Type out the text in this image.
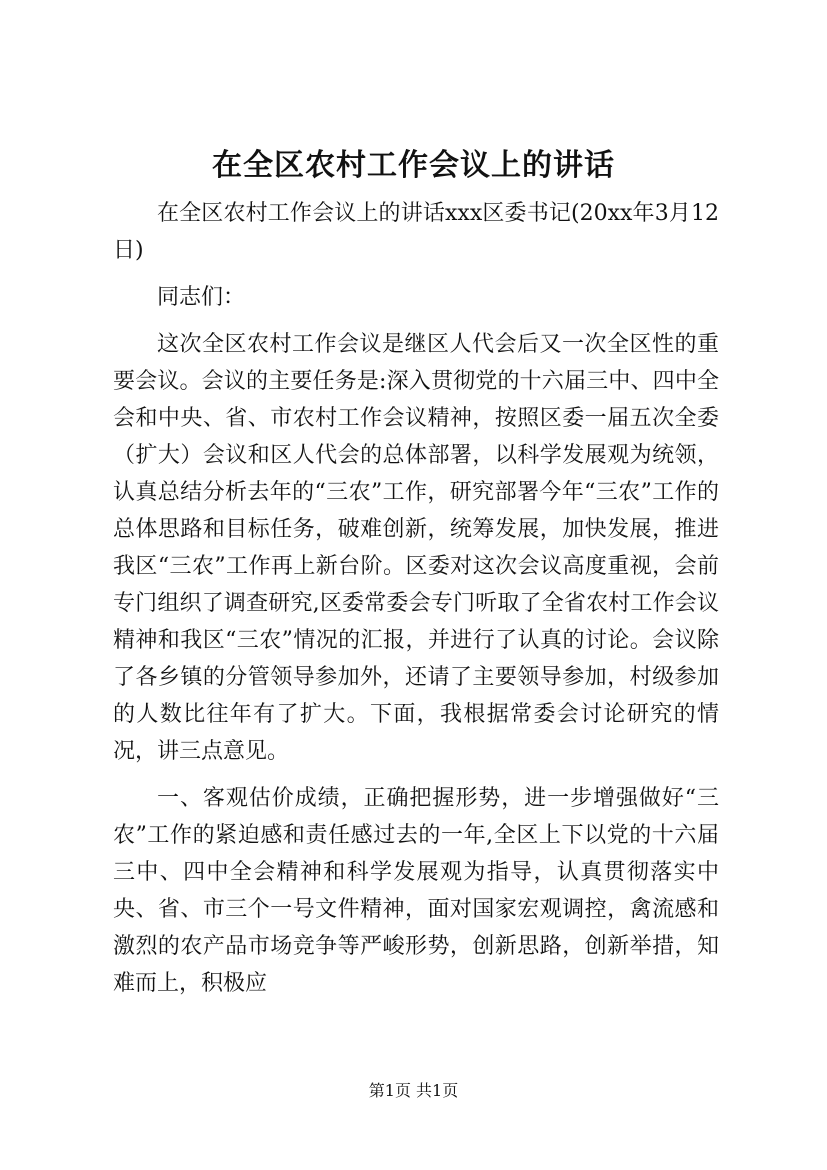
在全区农村工作会议上的讲话

在全区农村工作会议上的讲话xxx区委书记(20xx年3月12日)

同志们：

这次全区农村工作会议是继区人代会后又一次全区性的重要会议。会议的主要任务是:深入贯彻党的十六届三中、四中全会和中央、省、市农村工作会议精神，按照区委一届五次全委（扩大）会议和区人代会的总体部署，以科学发展观为统领，认真总结分析去年的“三农”工作，研究部署今年“三农”工作的总体思路和目标任务，破难创新，统筹发展，加快发展，推进我区“三农”工作再上新台阶。区委对这次会议高度重视，会前专门组织了调查研究,区委常委会专门听取了全省农村工作会议精神和我区“三农”情况的汇报，并进行了认真的讨论。会议除了各乡镇的分管领导参加外，还请了主要领导参加，村级参加的人数比往年有了扩大。下面，我根据常委会讨论研究的情况，讲三点意见。

一、客观估价成绩，正确把握形势，进一步增强做好“三农”工作的紧迫感和责任感过去的一年,全区上下以党的十六届三中、四中全会精神和科学发展观为指导，认真贯彻落实中央、省、市三个一号文件精神，面对国家宏观调控，禽流感和激烈的农产品市场竞争等严峻形势，创新思路，创新举措，知难而上，积极应

第1页 共1页
